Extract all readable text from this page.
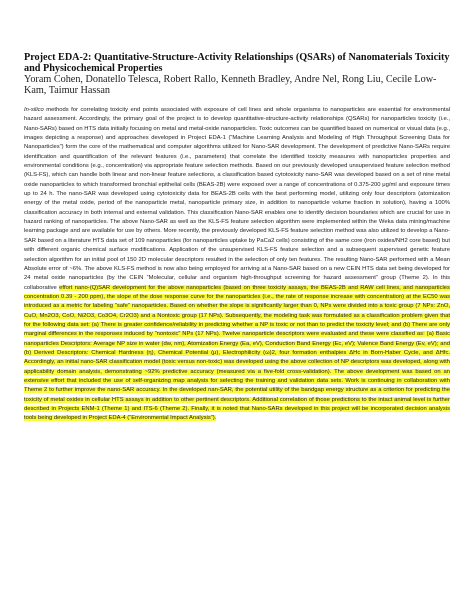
Project EDA-2: Quantitative-Structure-Activity Relationships (QSARs) of Nanomaterials Toxicity and Physicochemical Properties

Yoram Cohen, Donatello Telesca, Robert Rallo, Kenneth Bradley, Andre Nel, Rong Liu, Cecile Low-Kam, Taimur Hassan

In-silico methods for correlating toxicity end points associated with exposure of cell lines and whole organisms to nanoparticles are essential for environmental hazard assessment. Accordingly, the primary goal of the project is to develop quantitative-structure-activity relationships (QSARs) for nanoparticles toxicity (i.e., Nano-SARs) based on HTS data initially focusing on metal and metal-oxide nanoparticles. Toxic outcomes can be quantified based on numerical or visual data (e.g., images depicting a response) and approaches developed in Project EDA-1 (“Machine Learning Analysis and Modeling of High Throughput Screening Data for Nanoparticles”) form the core of the mathematical and computer algorithms utilized for Nano-SAR development. The development of predictive Nano-SARs require identification and quantification of the relevant features (i.e., parameters) that correlate the identified toxicity measures with nanoparticles properties and environmental conditions (e.g., concentration) via appropriate feature selection methods. Based on our previously developed unsupervised feature selection method (KLS-FS), which can handle both linear and non-linear feature selections, a classification based cytotoxicity nano-SAR was developed based on a set of nine metal oxide nanoparticles to which transformed bronchial epithelial cells (BEAS-2B) were exposed over a range of concentrations of 0.375-200 μg/ml and exposure times up to 24 h. The nano-SAR was developed using cytotoxicity data for BEAS-2B cells with the best performing model, utilizing only four descriptors (atomization energy of the metal oxide, period of the nanoparticle metal, nanoparticle primary size, in addition to nanoparticle volume fraction in solution), having a 100% classification accuracy in both internal and external validation. This classification Nano-SAR enables one to identify decision boundaries which are crucial for use in hazard ranking of nanoparticles. The above Nano-SAR as well as the KLS-FS feature selection algorithm were implemented within the Weka data mining/machine learning package and are available for use by others. More recently, the previously developed KLS-FS feature selection method was also utilized to develop a Nano-SAR based on a literature HTS data set of 109 nanoparticles (for nanoparticles uptake by PaCa2 cells) consisting of the same core (iron oxides/NH2 core based) but with different organic chemical surface modifications. Application of the unsupervised KLS-FS feature selection and a subsequent supervised genetic feature selection algorithm for an initial pool of 150 2D molecular descriptors resulted in the selection of only ten features. The resulting Nano-SAR performed with a Mean Absolute error of ~6%. The above KLS-FS method is now also being employed for arriving at a Nano-SAR based on a new CEIN HTS data set being developed for 24 metal oxide nanoparticles (by the CEIN “Molecular, cellular and organism high-throughput screening for hazard assessment” group (Theme 2). In this collaborative effort nano-(Q)SAR development for the above nanoparticles (based on three toxicity assays, the BEAS-2B and RAW cell lines, and nanoparticles concentration 0.39 - 200 ppm), the slope of the dose response curve for the nanoparticles (i.e., the rate of response increase with concentration) at the EC50 was introduced as a metric for labeling “safe” nanoparticles. Based on whether the slope is significantly larger than 0, NPs were divided into a toxic group (7 NPs: ZnO, CuO, Mn2O3, CoO, Ni2O3, Co3O4, Cr2O3) and a Nontoxic group (17 NPs). Subsequently, the modeling task was formulated as a classification problem given that for the following data set: (a) There is greater confidence/reliability in predicting whether a NP is toxic or not than to predict the toxicity level; and (b) There are only marginal differences in the responses induced by “nontoxic” NPs (17 NPs). Twelve nanoparticle descriptors were evaluated and these were classified as: (a) Basic nanoparticles Descriptors: Average NP size in water (dw, nm), Atomization Energy (Ea, eV), Conduction Band Energy (Ec, eV); Valence Band Energy (Ev, eV); and (b) Derived Descriptors: Chemical Hardness (η), Chemical Potential (μ), Electrophilicity (ω)2, four formation enthalpies ΔHc in Born-Haber Cycle, and ΔHfc. Accordingly, an initial nano-SAR classification model (toxic versus non-toxic) was developed using the above collection of NP descriptors was developed, along with applicability domain analysis, demonstrating ~92% predictive accuracy (measured via a five-fold cross-validation). The above development was based on an extensive effort that included the use of self-organizing map analysis for selecting the training and validation data sets. Work is continuing in collaboration with Theme 2 to further improve the nano-SAR accuracy. In the developed nan-SAR, the potential utility of the bandgap energy structure as a criterion for predicting the toxicity of metal oxides in cellular HTS assays in addition to other pertinent descriptors. Additional correlation of those predictions to the intact animal level is further described in Projects ENM-1 (Theme 1) and ITS-6 (Theme 2). Finally, it is noted that Nano-SARs developed in this project will be incorporated decision analysis tools being developed in Project EDA-4 (“Environmental Impact Analysis”).
